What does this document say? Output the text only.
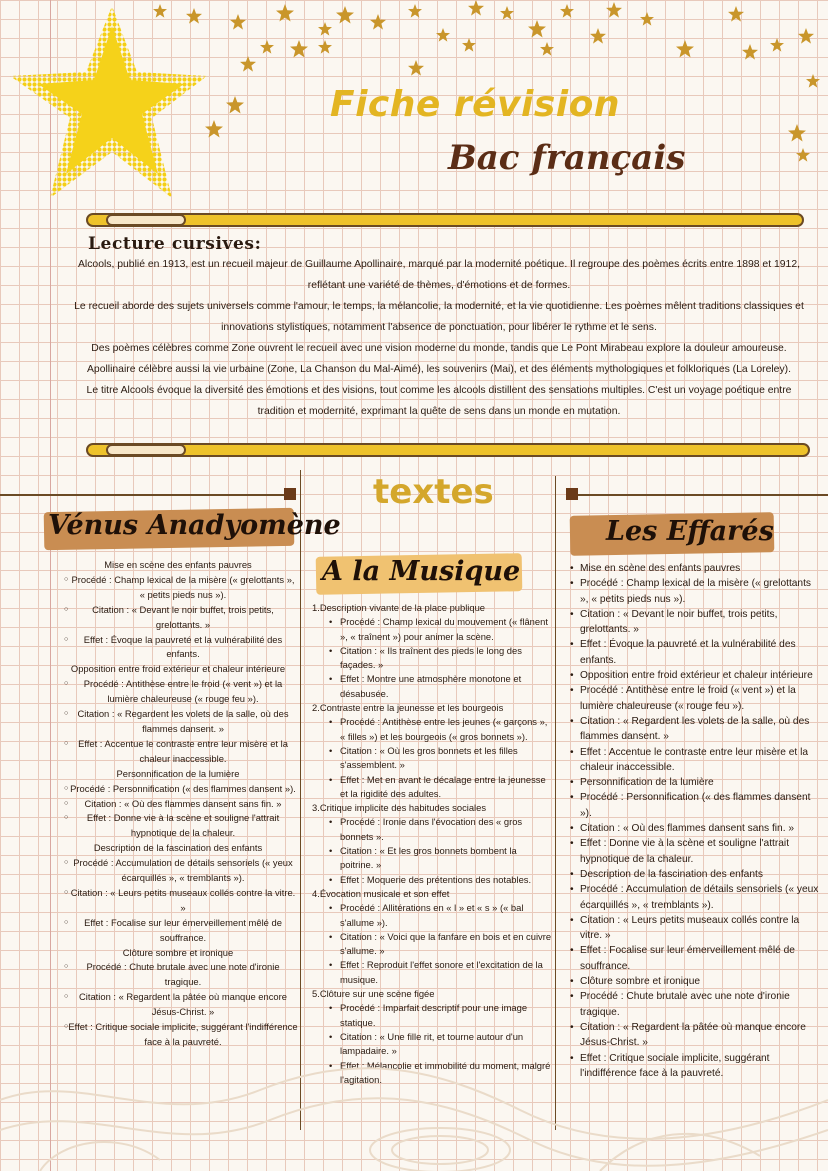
Fiche révision
Bac français
Lecture cursives:

Alcools, publié en 1913, est un recueil majeur de Guillaume Apollinaire, marqué par la modernité poétique. Il regroupe des poèmes écrits entre 1898 et 1912, reflétant une variété de thèmes, d'émotions et de formes.

Le recueil aborde des sujets universels comme l'amour, le temps, la mélancolie, la modernité, et la vie quotidienne. Les poèmes mêlent traditions classiques et innovations stylistiques, notamment l'absence de ponctuation, pour libérer le rythme et le sens.

Des poèmes célèbres comme Zone ouvrent le recueil avec une vision moderne du monde, tandis que Le Pont Mirabeau explore la douleur amoureuse. Apollinaire célèbre aussi la vie urbaine (Zone, La Chanson du Mal-Aimé), les souvenirs (Mai), et des éléments mythologiques et folkloriques (La Loreley).

Le titre Alcools évoque la diversité des émotions et des visions, tout comme les alcools distillent des sensations multiples. C'est un voyage poétique entre tradition et modernité, exprimant la quête de sens dans un monde en mutation.

textes
Vénus Anadyomène
A la Musique
Les Effarés

Mise en scène des enfants pauvres

○ Procédé : Champ lexical de la misère (« grelottants », « petits pieds nus »).

○ Citation : « Devant le noir buffet, trois petits, grelottants. »

○ Effet : Évoque la pauvreté et la vulnérabilité des enfants.

Opposition entre froid extérieur et chaleur intérieure

○ Procédé : Antithèse entre le froid (« vent ») et la lumière chaleureuse (« rouge feu »).

○ Citation : « Regardent les volets de la salle, où des flammes dansent. »

○ Effet : Accentue le contraste entre leur misère et la chaleur inaccessible.

Personnification de la lumière

○ Procédé : Personnification (« des flammes dansent »).

○ Citation : « Où des flammes dansent sans fin. »

○ Effet : Donne vie à la scène et souligne l'attrait hypnotique de la chaleur.

Description de la fascination des enfants

○ Procédé : Accumulation de détails sensoriels (« yeux écarquillés », « tremblants »).

○ Citation : « Leurs petits museaux collés contre la vitre. »

○ Effet : Focalise sur leur émerveillement mêlé de souffrance.

Clôture sombre et ironique

○ Procédé : Chute brutale avec une note d'ironie tragique.

○ Citation : « Regardent la pâtée où manque encore Jésus-Christ. »

○ Effet : Critique sociale implicite, suggérant l'indifférence face à la pauvreté.

1.Description vivante de la place publique

• Procédé : Champ lexical du mouvement (« flânent », « traînent ») pour animer la scène.

• Citation : « Ils traînent des pieds le long des façades. »

• Effet : Montre une atmosphère monotone et désabusée.

2.Contraste entre la jeunesse et les bourgeois

• Procédé : Antithèse entre les jeunes (« garçons », « filles ») et les bourgeois (« gros bonnets »).

• Citation : « Où les gros bonnets et les filles s'assemblent. »

• Effet : Met en avant le décalage entre la jeunesse et la rigidité des adultes.

3.Critique implicite des habitudes sociales

• Procédé : Ironie dans l'évocation des « gros bonnets ».

• Citation : « Et les gros bonnets bombent la poitrine. »

• Effet : Moquerie des prétentions des notables.

4.Évocation musicale et son effet

• Procédé : Allitérations en « l » et « s » (« bal s'allume »).

• Citation : « Voici que la fanfare en bois et en cuivre s'allume. »

• Effet : Reproduit l'effet sonore et l'excitation de la musique.

5.Clôture sur une scène figée

• Procédé : Imparfait descriptif pour une image statique.

• Citation : « Une fille rit, et tourne autour d'un lampadaire. »

• Effet : Mélancolie et immobilité du moment, malgré l'agitation.

• Mise en scène des enfants pauvres

• Procédé : Champ lexical de la misère (« grelottants », « petits pieds nus »).

• Citation : « Devant le noir buffet, trois petits, grelottants. »

• Effet : Évoque la pauvreté et la vulnérabilité des enfants.

• Opposition entre froid extérieur et chaleur intérieure

• Procédé : Antithèse entre le froid (« vent ») et la lumière chaleureuse (« rouge feu »).

• Citation : « Regardent les volets de la salle, où des flammes dansent. »

• Effet : Accentue le contraste entre leur misère et la chaleur inaccessible.

• Personnification de la lumière

• Procédé : Personnification (« des flammes dansent »).

• Citation : « Où des flammes dansent sans fin. »

• Effet : Donne vie à la scène et souligne l'attrait hypnotique de la chaleur.

• Description de la fascination des enfants

• Procédé : Accumulation de détails sensoriels (« yeux écarquillés », « tremblants »).

• Citation : « Leurs petits museaux collés contre la vitre. »

• Effet : Focalise sur leur émerveillement mêlé de souffrance.

• Clôture sombre et ironique

• Procédé : Chute brutale avec une note d'ironie tragique.

• Citation : « Regardent la pâtée où manque encore Jésus-Christ. »

• Effet : Critique sociale implicite, suggérant l'indifférence face à la pauvreté.
